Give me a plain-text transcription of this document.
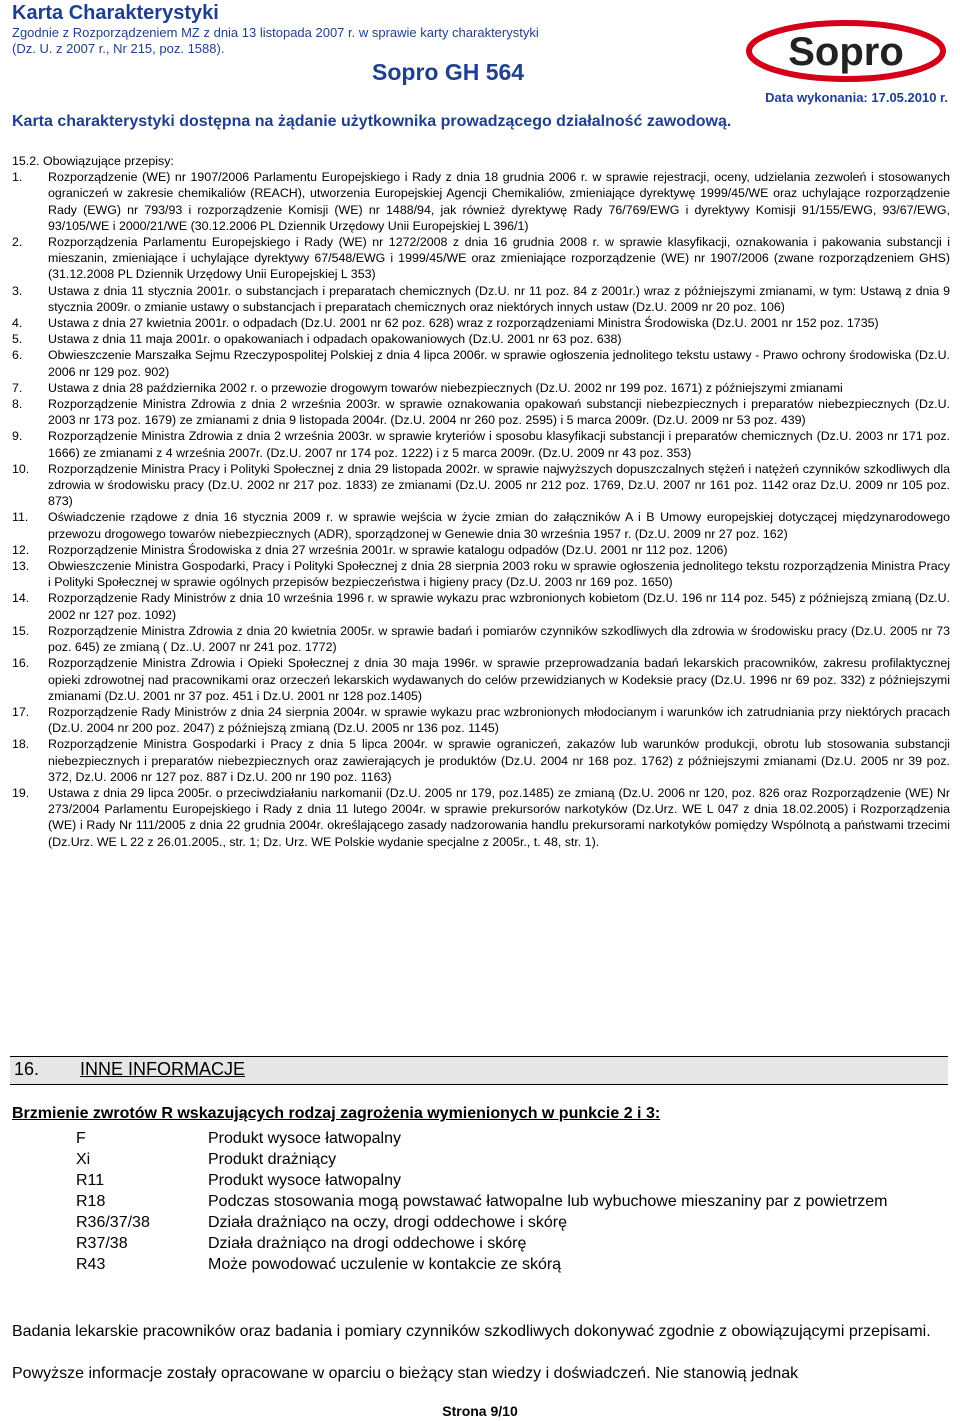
Karta Charakterystyki
Zgodnie z Rozporządzeniem MZ z dnia 13 listopada 2007 r. w sprawie karty charakterystyki
(Dz. U. z 2007 r., Nr 215, poz. 1588).
Sopro GH 564	Sopro
Data wykonania: 17.05.2010 r.
Karta charakterystyki dostępna na żądanie użytkownika prowadzącego działalność zawodową.
15.2. Obowiązujące przepisy:
1.	Rozporządzenie (WE) nr 1907/2006 Parlamentu Europejskiego i Rady z dnia 18 grudnia 2006 r. w sprawie rejestracji, oceny, udzielania zezwoleń i stosowanych ograniczeń w zakresie chemikaliów (REACH), utworzenia Europejskiej Agencji Chemikaliów, zmieniające dyrektywę 1999/45/WE oraz uchylające rozporządzenie Rady (EWG) nr 793/93 i rozporządzenie Komisji (WE) nr 1488/94, jak również dyrektywę Rady 76/769/EWG i dyrektywy Komisji 91/155/EWG, 93/67/EWG, 93/105/WE i 2000/21/WE (30.12.2006 PL Dziennik Urzędowy Unii Europejskiej L 396/1)
2.	Rozporządzenia Parlamentu Europejskiego i Rady (WE) nr 1272/2008 z dnia 16 grudnia 2008 r. w sprawie klasyfikacji, oznakowania i pakowania substancji i mieszanin, zmieniające i uchylające dyrektywy 67/548/EWG i 1999/45/WE oraz zmieniające rozporządzenie (WE) nr 1907/2006 (zwane rozporządzeniem GHS) (31.12.2008 PL Dziennik Urzędowy Unii Europejskiej L 353)
3.	Ustawa z dnia 11 stycznia 2001r. o substancjach i preparatach chemicznych (Dz.U. nr 11 poz. 84 z 2001r.) wraz z późniejszymi zmianami, w tym: Ustawą z dnia 9 stycznia 2009r. o zmianie ustawy o substancjach i preparatach chemicznych oraz niektórych innych ustaw (Dz.U. 2009 nr 20 poz. 106)
4.	Ustawa z dnia 27 kwietnia 2001r. o odpadach (Dz.U. 2001 nr 62 poz. 628) wraz z rozporządzeniami Ministra Środowiska (Dz.U. 2001 nr 152 poz. 1735)
5.	Ustawa z dnia 11 maja 2001r. o opakowaniach i odpadach opakowaniowych (Dz.U. 2001 nr 63 poz. 638)
6.	Obwieszczenie Marszałka Sejmu Rzeczypospolitej Polskiej z dnia 4 lipca 2006r. w sprawie ogłoszenia jednolitego tekstu ustawy - Prawo ochrony środowiska (Dz.U. 2006 nr 129 poz. 902)
7.	Ustawa z dnia 28 października 2002 r. o przewozie drogowym towarów niebezpiecznych (Dz.U. 2002 nr 199 poz. 1671) z późniejszymi zmianami
8.	Rozporządzenie Ministra Zdrowia z dnia 2 września 2003r. w sprawie oznakowania opakowań substancji niebezpiecznych i preparatów niebezpiecznych (Dz.U. 2003 nr 173 poz. 1679) ze zmianami z dnia 9 listopada 2004r. (Dz.U. 2004 nr 260 poz. 2595) i 5 marca 2009r. (Dz.U. 2009 nr 53 poz. 439)
9.	Rozporządzenie Ministra Zdrowia z dnia 2 września 2003r. w sprawie kryteriów i sposobu klasyfikacji substancji i preparatów chemicznych (Dz.U. 2003 nr 171 poz. 1666) ze zmianami z 4 września 2007r. (Dz.U. 2007 nr 174 poz. 1222) i z 5 marca 2009r. (Dz.U. 2009 nr 43 poz. 353)
10.	Rozporządzenie Ministra Pracy i Polityki Społecznej z dnia 29 listopada 2002r. w sprawie najwyższych dopuszczalnych stężeń i natężeń czynników szkodliwych dla zdrowia w środowisku pracy (Dz.U. 2002 nr 217 poz. 1833) ze zmianami (Dz.U. 2005 nr 212 poz. 1769, Dz.U. 2007 nr 161 poz. 1142 oraz Dz.U. 2009 nr 105 poz. 873)
11.	Oświadczenie rządowe z dnia 16 stycznia 2009 r. w sprawie wejścia w życie zmian do załączników A i B Umowy europejskiej dotyczącej międzynarodowego przewozu drogowego towarów niebezpiecznych (ADR), sporządzonej w Genewie dnia 30 września 1957 r. (Dz.U. 2009 nr 27 poz. 162)
12.	Rozporządzenie Ministra Środowiska z dnia 27 września 2001r. w sprawie katalogu odpadów (Dz.U. 2001 nr 112 poz. 1206)
13.	Obwieszczenie Ministra Gospodarki, Pracy i Polityki Społecznej z dnia 28 sierpnia 2003 roku w sprawie ogłoszenia jednolitego tekstu rozporządzenia Ministra Pracy i Polityki Społecznej w sprawie ogólnych przepisów bezpieczeństwa i higieny pracy (Dz.U. 2003 nr 169 poz. 1650)
14.	Rozporządzenie Rady Ministrów z dnia 10 września 1996 r. w sprawie wykazu prac wzbronionych kobietom (Dz.U. 196 nr 114 poz. 545) z późniejszą zmianą (Dz.U. 2002 nr 127 poz. 1092)
15.	Rozporządzenie Ministra Zdrowia z dnia 20 kwietnia 2005r. w sprawie badań i pomiarów czynników szkodliwych dla zdrowia w środowisku pracy (Dz.U. 2005 nr 73 poz. 645) ze zmianą ( Dz..U. 2007 nr 241 poz. 1772)
16.	Rozporządzenie Ministra Zdrowia i Opieki Społecznej z dnia 30 maja 1996r. w sprawie przeprowadzania badań lekarskich pracowników, zakresu profilaktycznej opieki zdrowotnej nad pracownikami oraz orzeczeń lekarskich wydawanych do celów przewidzianych w Kodeksie pracy (Dz.U. 1996 nr 69 poz. 332) z późniejszymi zmianami (Dz.U. 2001 nr 37 poz. 451 i Dz.U. 2001 nr 128 poz.1405)
17.	Rozporządzenie Rady Ministrów z dnia 24 sierpnia 2004r. w sprawie wykazu prac wzbronionych młodocianym i warunków ich zatrudniania przy niektórych pracach (Dz.U. 2004 nr 200 poz. 2047) z późniejszą zmianą (Dz.U. 2005 nr 136 poz. 1145)
18.	Rozporządzenie Ministra Gospodarki i Pracy z dnia 5 lipca 2004r. w sprawie ograniczeń, zakazów lub warunków produkcji, obrotu lub stosowania substancji niebezpiecznych i preparatów niebezpiecznych oraz zawierających je produktów (Dz.U. 2004 nr 168 poz. 1762) z późniejszymi zmianami (Dz.U. 2005 nr 39 poz. 372, Dz.U. 2006 nr 127 poz. 887 i Dz.U. 200 nr 190 poz. 1163)
19.	Ustawa z dnia 29 lipca 2005r. o przeciwdziałaniu narkomanii (Dz.U. 2005 nr 179, poz.1485) ze zmianą (Dz.U. 2006 nr 120, poz. 826 oraz Rozporządzenie (WE) Nr 273/2004 Parlamentu Europejskiego i Rady z dnia 11 lutego 2004r. w sprawie prekursorów narkotyków (Dz.Urz. WE L 047 z dnia 18.02.2005) i Rozporządzenia (WE) i Rady Nr 111/2005 z dnia 22 grudnia 2004r. określającego zasady nadzorowania handlu prekursorami narkotyków pomiędzy Wspólnotą a państwami trzecimi (Dz.Urz. WE L 22 z 26.01.2005., str. 1; Dz. Urz. WE Polskie wydanie specjalne z 2005r., t. 48, str. 1).
16. INNE INFORMACJE
Brzmienie zwrotów R wskazujących rodzaj zagrożenia wymienionych w punkcie 2 i 3:
F	Produkt wysoce łatwopalny
Xi	Produkt drażniący
R11	Produkt wysoce łatwopalny
R18	Podczas stosowania mogą powstawać łatwopalne lub wybuchowe mieszaniny par z powietrzem
R36/37/38	Działa drażniąco na oczy, drogi oddechowe i skórę
R37/38	Działa drażniąco na drogi oddechowe i skórę
R43	Może powodować uczulenie w kontakcie ze skórą
Badania lekarskie pracowników oraz badania i pomiary czynników szkodliwych dokonywać zgodnie z obowiązującymi przepisami.
Powyższe informacje zostały opracowane w oparciu o bieżący stan wiedzy i doświadczeń. Nie stanowią jednak
Strona 9/10
